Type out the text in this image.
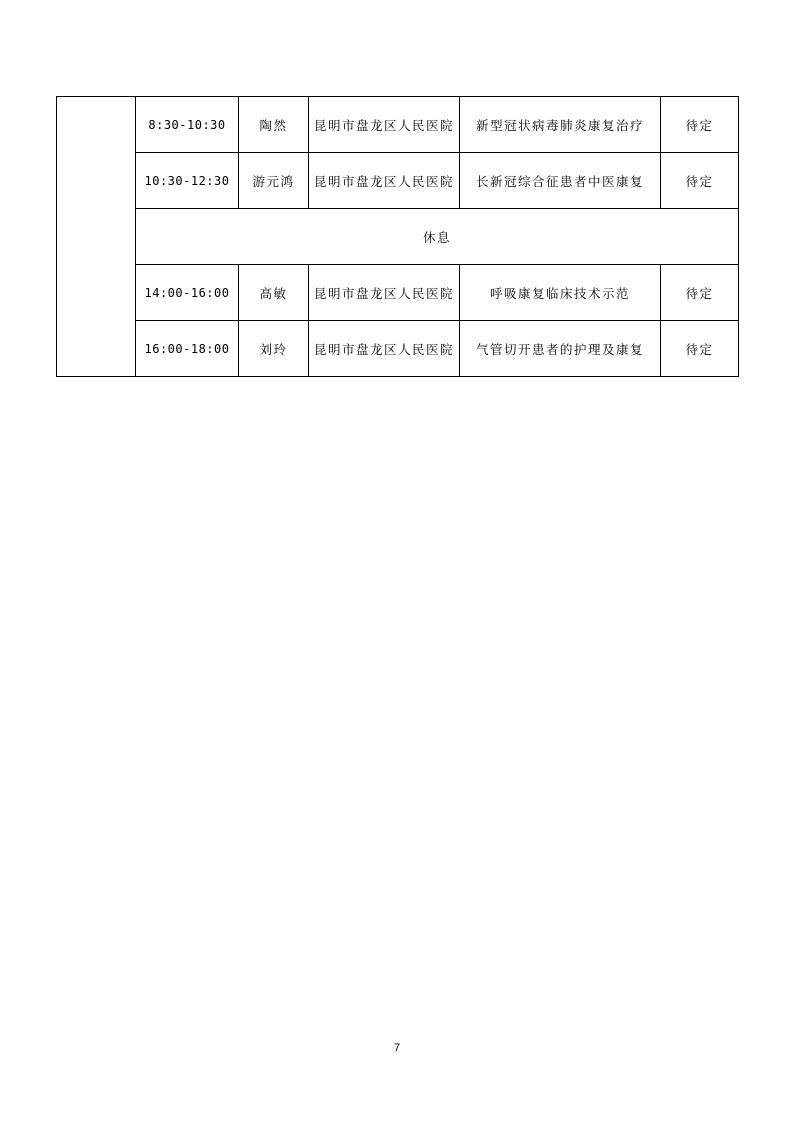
	8:30-10:30	陶然	昆明市盘龙区人民医院	新型冠状病毒肺炎康复治疗	待定
	10:30-12:30	游元鸿	昆明市盘龙区人民医院	长新冠综合征患者中医康复	待定
	休息				
	14:00-16:00	高敏	昆明市盘龙区人民医院	呼吸康复临床技术示范	待定
	16:00-18:00	刘玲	昆明市盘龙区人民医院	气管切开患者的护理及康复	待定
7
